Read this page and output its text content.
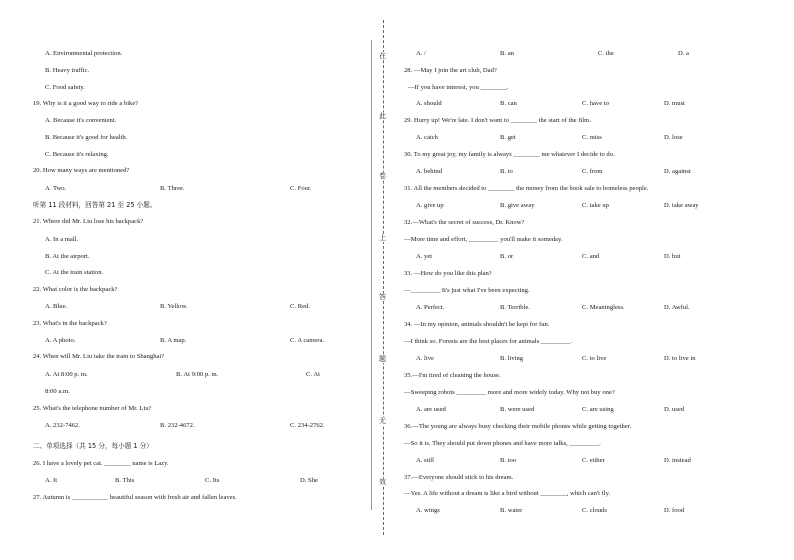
A. Environmental protection.
B. Heavy traffic.
C. Food safety.
19. Why is it a good way to ride a bike?
A. Because it's convenient.
B. Because it's good for health.
C. Because it's relaxing.
20. How many ways are mentioned?
A. Two.	B. Three.	C. Four.
听第 11 段材料，回答第 21 至 25 小题。
21. Where did Mr. Liu lose his backpack?
A. In a mall.
B. At the airport.
C. At the train station.
22. What color is the backpack?
A. Blue.	B. Yellow.	C. Red.
23. What's in the backpack?
A. A photo.	B. A map.	C. A camera.
24. When will Mr. Liu take the train to Shanghai?
A. At 8:00 p. m.	B. At 9:00 p. m.	C. At
8:00 a.m.
25. What's the telephone number of Mr. Liu?
A. 232-7462.	B. 232-4672.	C. 234-2762.
二、单项选择（共 15 分，每小题 1 分）
26. I have a lovely pet cat. ________ name is Lazy.
A. It	B. This	C. Its	D. She
27. Autumn is ___________ beautiful season with fresh air and fallen leaves.
在
此
卷
上
答
题
无
效
A. /	B. an	C. the	D. a
28. —May I join the art club, Dad?
—If you have interest, you ________.
A. should	B. can	C. have to	D. must
29. Hurry up! We're late. I don't want to ________ the start of the film.
A. catch	B. get	C. miss	D. lose
30. To my great joy, my family is always ________ me whatever I decide to do.
A. behind	B. to	C. from	D. against
31. All the members decided to ________ the money from the book sale to homeless people.
A. give up	B. give away	C. take up	D. take away
32.—What's the secret of success, Dr. Know?
—More time and effort, _________ you'll make it someday.
A. yet	B. or	C. and	D. but
33. —How do you like this plan?
—_________ It's just what I've been expecting.
A. Perfect.	B. Terrible.	C. Meaningless.	D. Awful.
34. —In my opinion, animals shouldn't be kept for fun.
—I think so. Forests are the best places for animals _________.
A. live	B. living	C. to live	D. to live in
35.—I'm tired of cleaning the house.
—Sweeping robots _________ more and more widely today. Why not buy one?
A. are used	B. were used	C. are using	D. used
36.—The young are always busy checking their mobile phones while getting together.
—So it is. They should put down phones and have more talks, _________.
A. still	B. too	C. either	D. instead
37.—Everyone should stick to his dream.
—Yes. A life without a dream is like a bird without ________, which can't fly.
A. wings	B. water	C. clouds	D. food
